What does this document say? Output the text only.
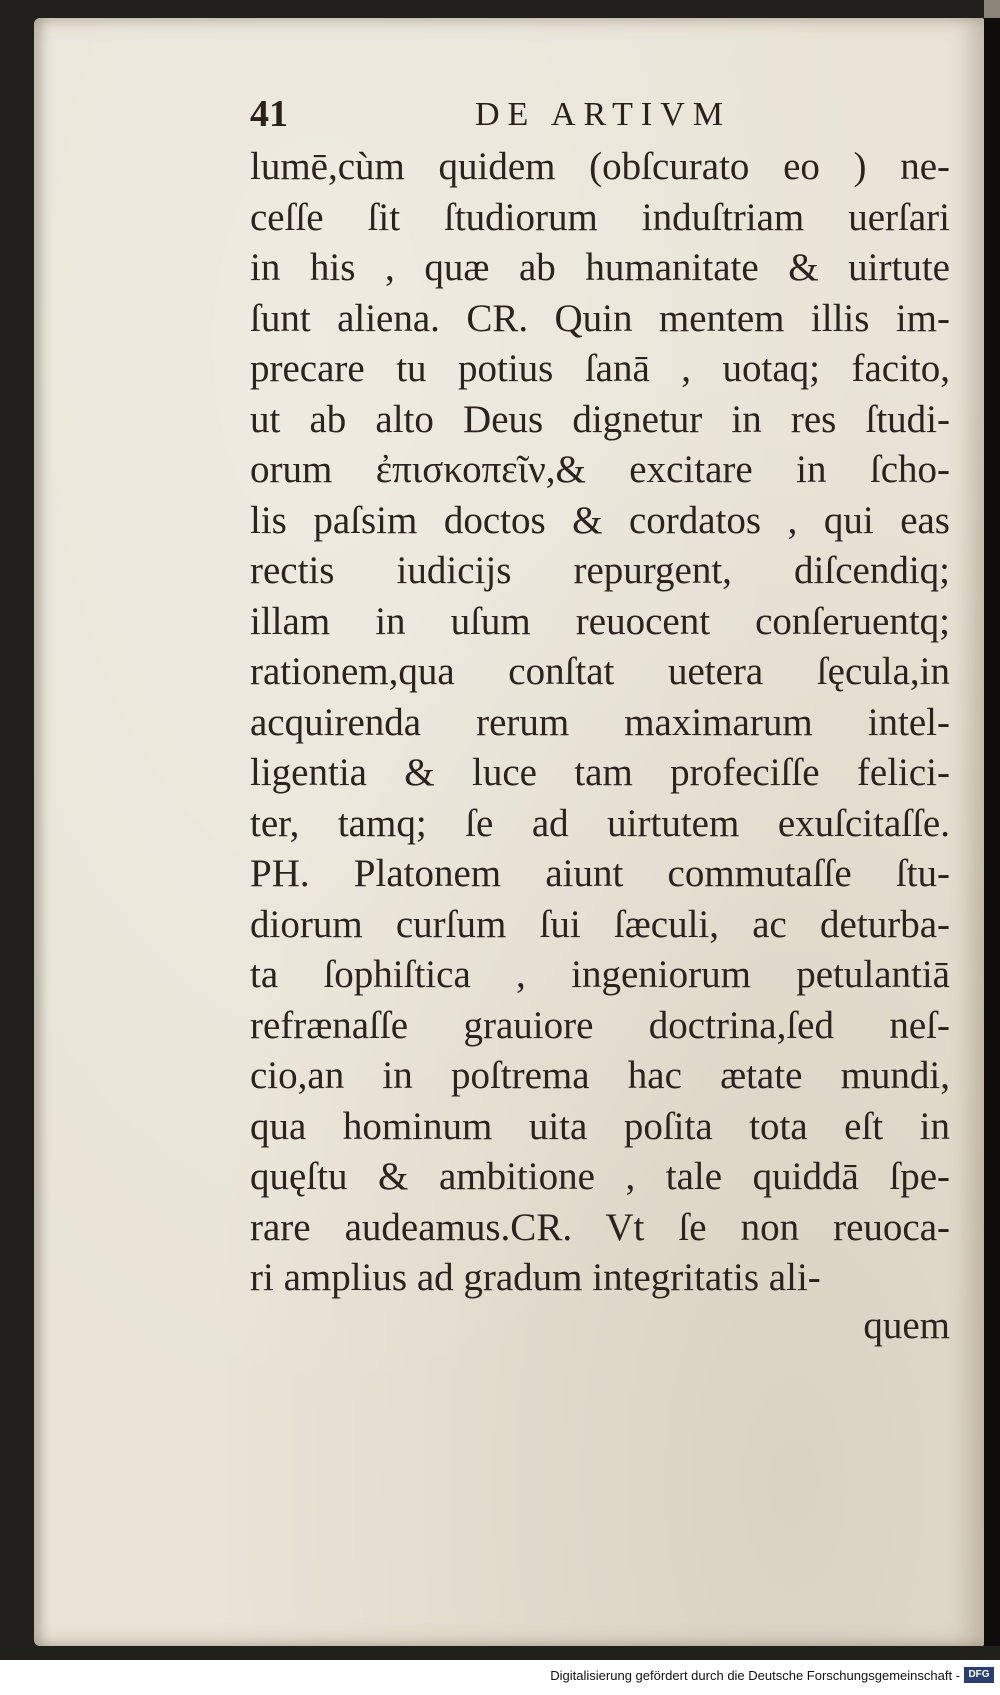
41	DE ARTIVM
lumē,cùm quidem (obſcurato eo ) ne-
ceſſe ſit ſtudiorum induſtriam uerſari
in his , quæ ab humanitate & uirtute
ſunt aliena. CR. Quin mentem illis im-
precare tu potius ſanā , uotaq; facito,
ut ab alto Deus dignetur in res ſtudi-
orum ἐπισκοπεῖν,& excitare in ſcho-
lis paſsim doctos & cordatos , qui eas
rectis iudicijs repurgent, diſcendiq;
illam in uſum reuocent conſeruentq;
rationem,qua conſtat uetera ſęcula,in
acquirenda rerum maximarum intel-
ligentia & luce tam profeciſſe felici-
ter, tamq; ſe ad uirtutem exuſcitaſſe.
PH. Platonem aiunt commutaſſe ſtu-
diorum curſum ſui ſæculi, ac deturba-
ta ſophiſtica , ingeniorum petulantiā
refrænaſſe grauiore doctrina,ſed neſ-
cio,an in poſtrema hac ætate mundi,
qua hominum uita poſita tota eſt in
quęſtu & ambitione , tale quiddā ſpe-
rare audeamus.CR. Vt ſe non reuoca-
ri amplius ad gradum integritatis ali-
quem
Digitalisierung gefördert durch die Deutsche Forschungsgemeinschaft - DFG
